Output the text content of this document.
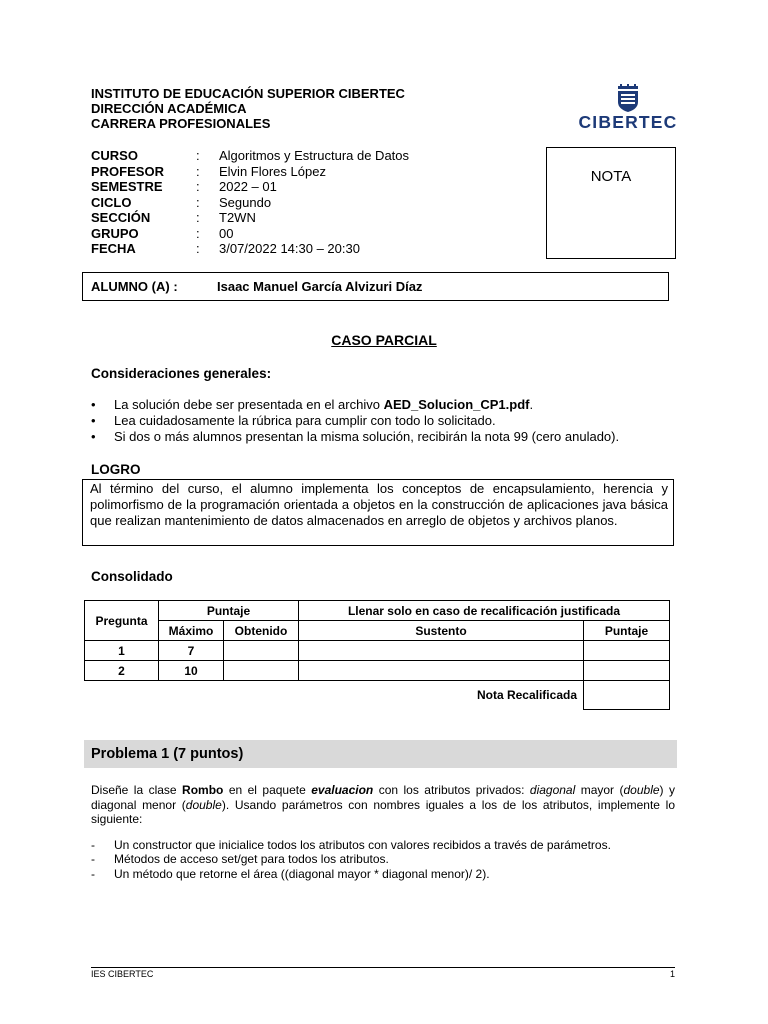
INSTITUTO DE EDUCACIÓN SUPERIOR CIBERTEC
DIRECCIÓN ACADÉMICA
CARRERA PROFESIONALES	CIBERTEC
CURSO	: Algoritmos y Estructura de Datos
PROFESOR : Elvin Flores López
SEMESTRE	: 2022 – 01
CICLO	: Segundo
SECCIÓN	: T2WN
GRUPO	: 00
FECHA	: 3/07/2022 14:30 – 20:30
NOTA
ALUMNO (A) :	Isaac Manuel García Alvizuri Díaz
CASO PARCIAL
Consideraciones generales:
• La solución debe ser presentada en el archivo AED_Solucion_CP1.pdf.
• Lea cuidadosamente la rúbrica para cumplir con todo lo solicitado.
• Si dos o más alumnos presentan la misma solución, recibirán la nota 99 (cero anulado).
LOGRO
Al término del curso, el alumno implementa los conceptos de encapsulamiento, herencia y polimorfismo de la programación orientada a objetos en la construcción de aplicaciones java básica que realizan mantenimiento de datos almacenados en arreglo de objetos y archivos planos.
Consolidado
Pregunta	Puntaje		Llenar solo en caso de recalificación justificada	
	Máximo	Obtenido	Sustento	Puntaje
1	7			
2	10			
Nota Recalificada				
Problema 1 (7 puntos)
Diseñe la clase Rombo en el paquete evaluacion con los atributos privados: diagonal mayor (double) y diagonal menor (double). Usando parámetros con nombres iguales a los de los atributos, implemente lo siguiente:
- Un constructor que inicialice todos los atributos con valores recibidos a través de parámetros.
- Métodos de acceso set/get para todos los atributos.
- Un método que retorne el área ((diagonal mayor * diagonal menor)/ 2).
IES CIBERTEC	1
